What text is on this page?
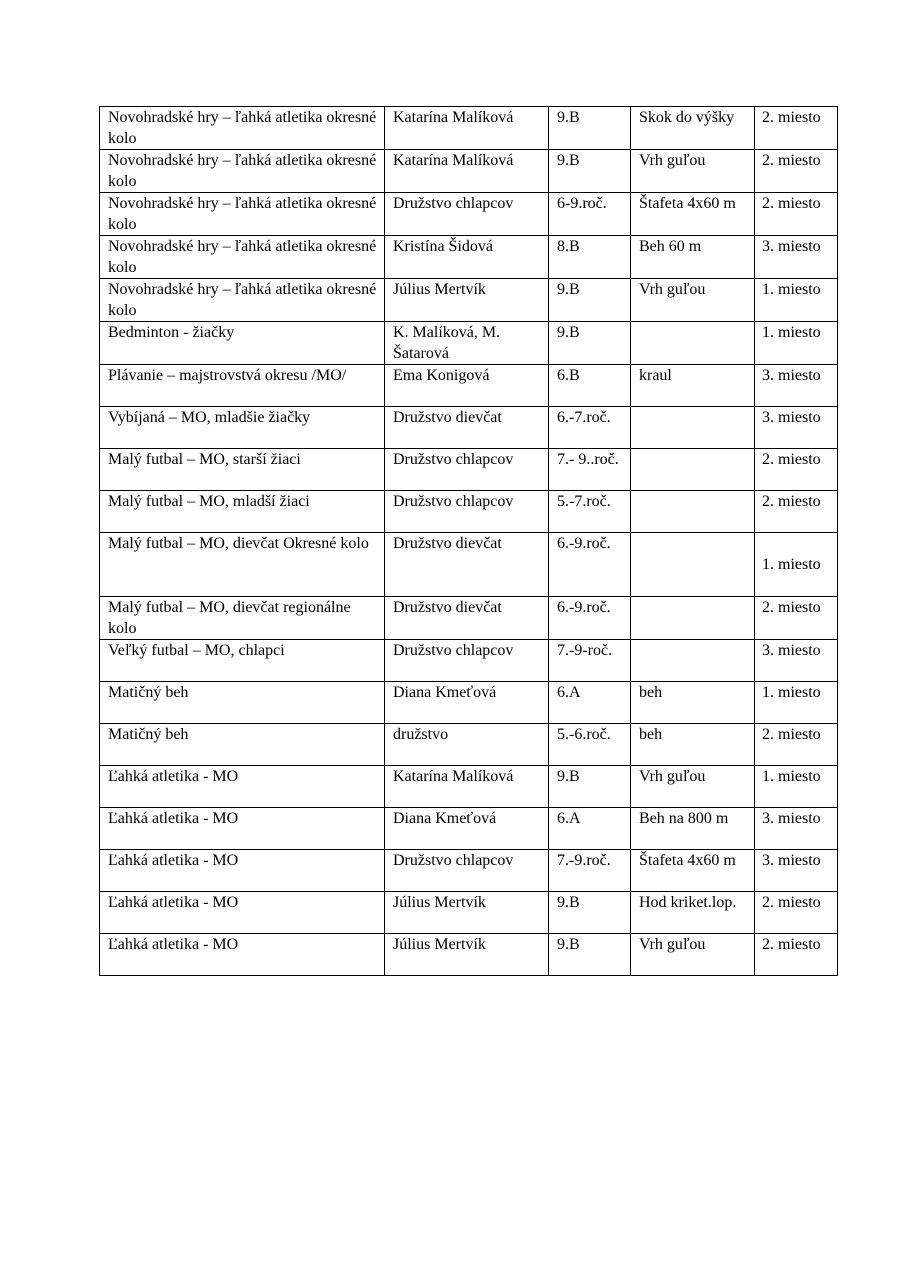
Novohradské hry – ľahká atletika okresné kolo	Katarína Malíková	9.B	Skok do výšky	2. miesto
Novohradské hry – ľahká atletika okresné kolo	Katarína Malíková	9.B	Vrh guľou	2. miesto
Novohradské hry – ľahká atletika okresné kolo	Družstvo chlapcov	6-9.roč.	Štafeta 4x60 m	2. miesto
Novohradské hry – ľahká atletika okresné kolo	Kristína Šidová	8.B	Beh 60 m	3. miesto
Novohradské hry – ľahká atletika okresné kolo	Július Mertvík	9.B	Vrh guľou	1. miesto
Bedminton - žiačky	K. Malíková, M. Šatarová	9.B		1. miesto
Plávanie – majstrovstvá okresu /MO/	Ema Konigová	6.B	kraul	3. miesto
Vybíjaná – MO, mladšie žiačky	Družstvo dievčat	6.-7.roč.		3. miesto
Malý futbal – MO, starší žiaci	Družstvo chlapcov	7.- 9..roč.		2. miesto
Malý futbal – MO, mladší žiaci	Družstvo chlapcov	5.-7.roč.		2. miesto
Malý futbal – MO, dievčat Okresné kolo	Družstvo dievčat	6.-9.roč.		1. miesto
Malý futbal – MO, dievčat regionálne kolo	Družstvo dievčat	6.-9.roč.		2. miesto
Veľký futbal – MO, chlapci	Družstvo chlapcov	7.-9-roč.		3. miesto
Matičný beh	Diana Kmeťová	6.A	beh	1. miesto
Matičný beh	družstvo	5.-6.roč.	beh	2. miesto
Ľahká atletika - MO	Katarína Malíková	9.B	Vrh guľou	1. miesto
Ľahká atletika - MO	Diana Kmeťová	6.A	Beh na 800 m	3. miesto
Ľahká atletika - MO	Družstvo chlapcov	7.-9.roč.	Štafeta 4x60 m	3. miesto
Ľahká atletika - MO	Július Mertvík	9.B	Hod kriket.lop.	2. miesto
Ľahká atletika - MO	Július Mertvík	9.B	Vrh guľou	2. miesto
